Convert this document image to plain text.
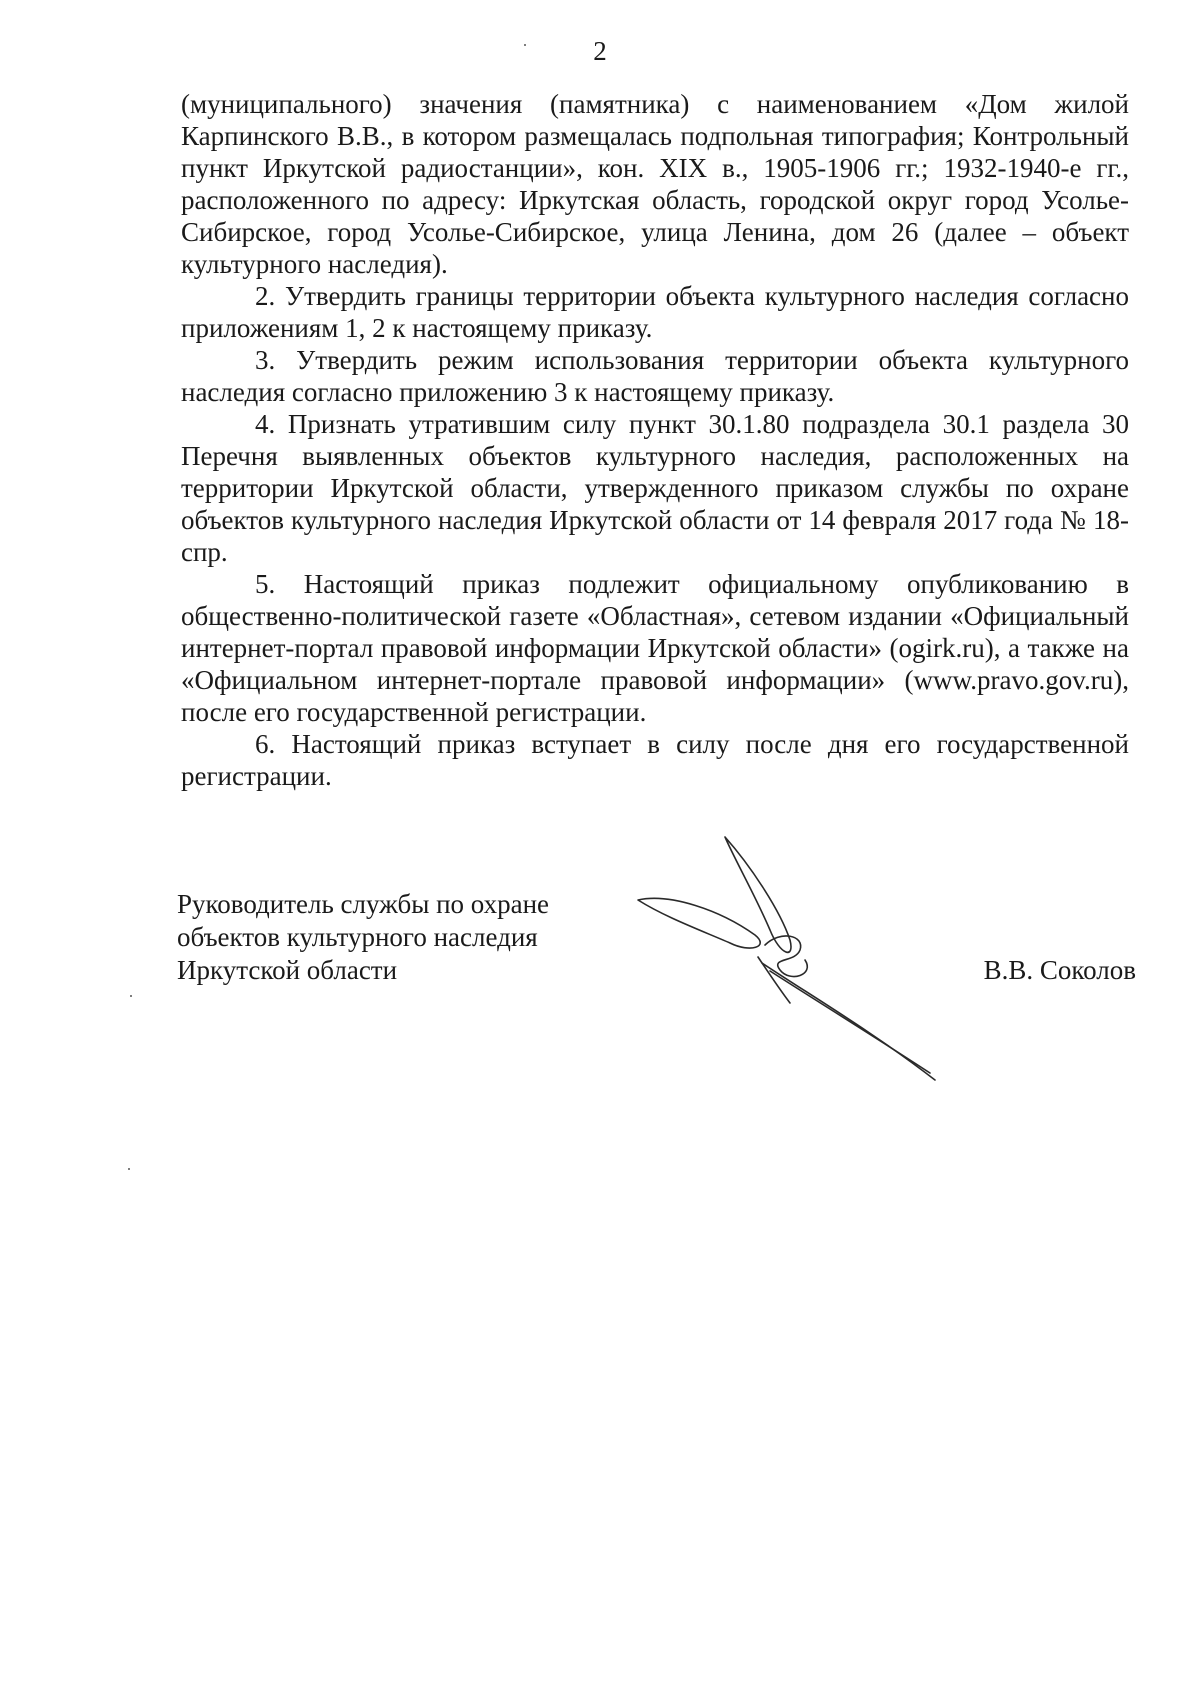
2

(муниципального) значения (памятника) с наименованием «Дом жилой Карпинского В.В., в котором размещалась подпольная типография; Контрольный пункт Иркутской радиостанции», кон. XIX в., 1905-1906 гг.; 1932-1940-е гг., расположенного по адресу: Иркутская область, городской округ город Усолье-Сибирское, город Усолье-Сибирское, улица Ленина, дом 26 (далее – объект культурного наследия).

2. Утвердить границы территории объекта культурного наследия согласно приложениям 1, 2 к настоящему приказу.

3. Утвердить режим использования территории объекта культурного наследия согласно приложению 3 к настоящему приказу.

4. Признать утратившим силу пункт 30.1.80 подраздела 30.1 раздела 30 Перечня выявленных объектов культурного наследия, расположенных на территории Иркутской области, утвержденного приказом службы по охране объектов культурного наследия Иркутской области от 14 февраля 2017 года № 18-спр.

5. Настоящий приказ подлежит официальному опубликованию в общественно-политической газете «Областная», сетевом издании «Официальный интернет-портал правовой информации Иркутской области» (ogirk.ru), а также на «Официальном интернет-портале правовой информации» (www.pravo.gov.ru), после его государственной регистрации.

6. Настоящий приказ вступает в силу после дня его государственной регистрации.

Руководитель службы по охране
объектов культурного наследия
Иркутской области	В.В. Соколов
